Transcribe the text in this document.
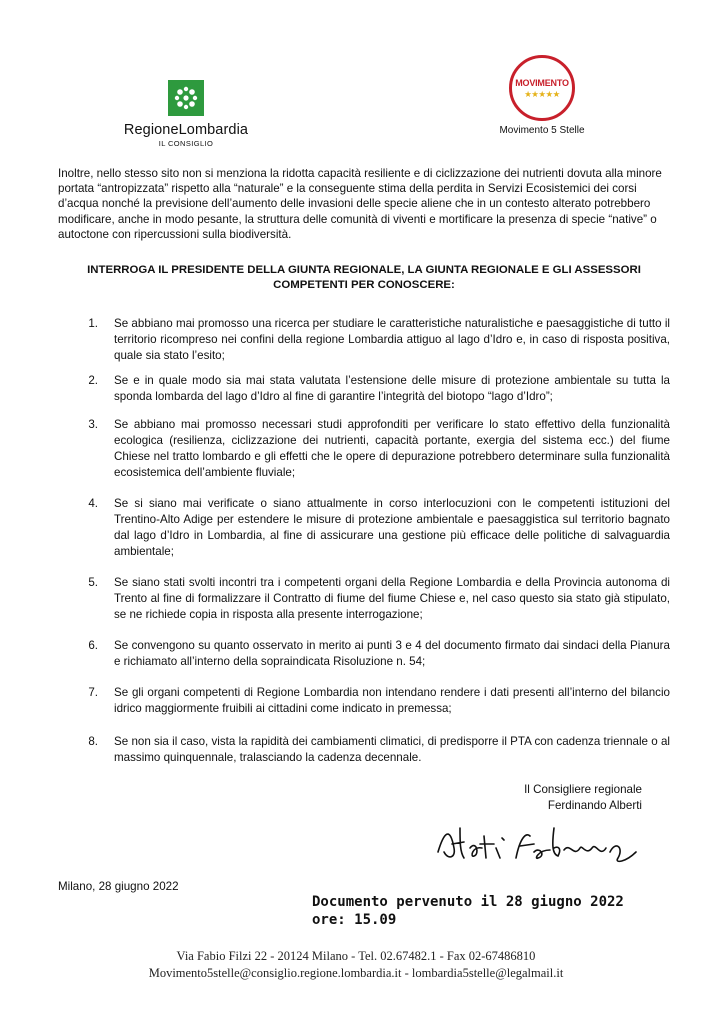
RegioneLombardia
IL CONSIGLIO
MOVIMENTO
★★★★★
Movimento 5 Stelle

Inoltre, nello stesso sito non si menziona la ridotta capacità resiliente e di ciclizzazione dei nutrienti dovuta alla minore portata “antropizzata” rispetto alla “naturale” e la conseguente stima della perdita in Servizi Ecosistemici dei corsi d’acqua nonché la previsione dell’aumento delle invasioni delle specie aliene che in un contesto alterato potrebbero modificare, anche in modo pesante, la struttura delle comunità di viventi e mortificare la presenza di specie “native” o autoctone con ripercussioni sulla biodiversità.

INTERROGA IL PRESIDENTE DELLA GIUNTA REGIONALE, LA GIUNTA REGIONALE E GLI ASSESSORI COMPETENTI PER CONOSCERE:

1.	Se abbiano mai promosso una ricerca per studiare le caratteristiche naturalistiche e paesaggistiche di tutto il territorio ricompreso nei confini della regione Lombardia attiguo al lago d’Idro e, in caso di risposta positiva, quale sia stato l’esito;

2.	Se e in quale modo sia mai stata valutata l’estensione delle misure di protezione ambientale su tutta la sponda lombarda del lago d’Idro al fine di garantire l’integrità del biotopo “lago d’Idro”;

3.	Se abbiano mai promosso necessari studi approfonditi per verificare lo stato effettivo della funzionalità ecologica (resilienza, ciclizzazione dei nutrienti, capacità portante, exergia del sistema ecc.) del fiume Chiese nel tratto lombardo e gli effetti che le opere di depurazione potrebbero determinare sulla funzionalità ecosistemica dell’ambiente fluviale;

4.	Se si siano mai verificate o siano attualmente in corso interlocuzioni con le competenti istituzioni del Trentino-Alto Adige per estendere le misure di protezione ambientale e paesaggistica sul territorio bagnato dal lago d’Idro in Lombardia, al fine di assicurare una gestione più efficace delle politiche di salvaguardia ambientale;

5.	Se siano stati svolti incontri tra i competenti organi della Regione Lombardia e della Provincia autonoma di Trento al fine di formalizzare il Contratto di fiume del fiume Chiese e, nel caso questo sia stato già stipulato, se ne richiede copia in risposta alla presente interrogazione;

6.	Se convengono su quanto osservato in merito ai punti 3 e 4 del documento firmato dai sindaci della Pianura e richiamato all’interno della sopraindicata Risoluzione n. 54;

7.	Se gli organi competenti di Regione Lombardia non intendano rendere i dati presenti all’interno del bilancio idrico maggiormente fruibili ai cittadini come indicato in premessa;

8.	Se non sia il caso, vista la rapidità dei cambiamenti climatici, di predisporre il PTA con cadenza triennale o al massimo quinquennale, tralasciando la cadenza decennale.

Il Consigliere regionale
Ferdinando Alberti
Milano, 28 giugno 2022
Documento pervenuto il 28 giugno 2022
ore: 15.09
Via Fabio Filzi 22 - 20124 Milano - Tel. 02.67482.1 - Fax 02-67486810
Movimento5stelle@consiglio.regione.lombardia.it - lombardia5stelle@legalmail.it
